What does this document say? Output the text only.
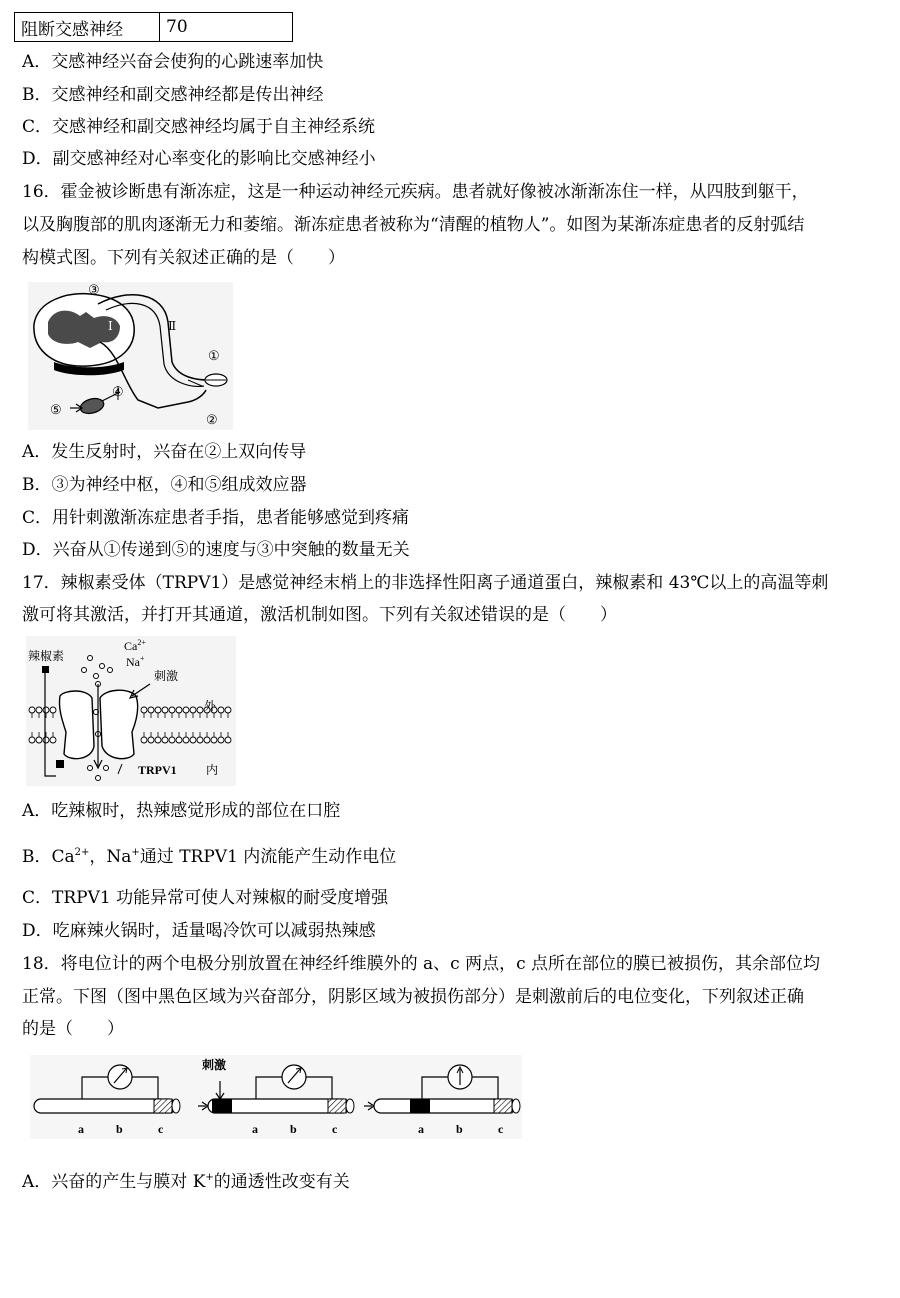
阻断交感神经	70
A．交感神经兴奋会使狗的心跳速率加快
B．交感神经和副交感神经都是传出神经
C．交感神经和副交感神经均属于自主神经系统
D．副交感神经对心率变化的影响比交感神经小
16．霍金被诊断患有渐冻症，这是一种运动神经元疾病。患者就好像被冰渐渐冻住一样，从四肢到躯干，
以及胸腹部的肌肉逐渐无力和萎缩。渐冻症患者被称为“清醒的植物人”。如图为某渐冻症患者的反射弧结
构模式图。下列有关叙述正确的是（　　）
③
Ⅰ	Ⅱ
①
②
④
⑤
A．发生反射时，兴奋在②上双向传导
B．③为神经中枢，④和⑤组成效应器
C．用针刺激渐冻症患者手指，患者能够感觉到疼痛
D．兴奋从①传递到⑤的速度与③中突触的数量无关
17．辣椒素受体（TRPV1）是感觉神经末梢上的非选择性阳离子通道蛋白，辣椒素和 43℃以上的高温等刺
激可将其激活，并打开其通道，激活机制如图。下列有关叙述错误的是（　　）
辣椒素
$Ca^{2+}$
Na+
刺激
外
内
TRPV1
A．吃辣椒时，热辣感觉形成的部位在口腔
B．$Ca^{2+}$，Na+通过 TRPV1 内流能产生动作电位
C．TRPV1 功能异常可使人对辣椒的耐受度增强
D．吃麻辣火锅时，适量喝冷饮可以减弱热辣感
18．将电位计的两个电极分别放置在神经纤维膜外的 a、c 两点，c 点所在部位的膜已被损伤，其余部位均
正常。下图（图中黑色区域为兴奋部分，阴影区域为被损伤部分）是刺激前后的电位变化，下列叙述正确
的是（　　）
刺激
a	b	c	a	b	c	a	b	c
A．兴奋的产生与膜对 K+的通透性改变有关
